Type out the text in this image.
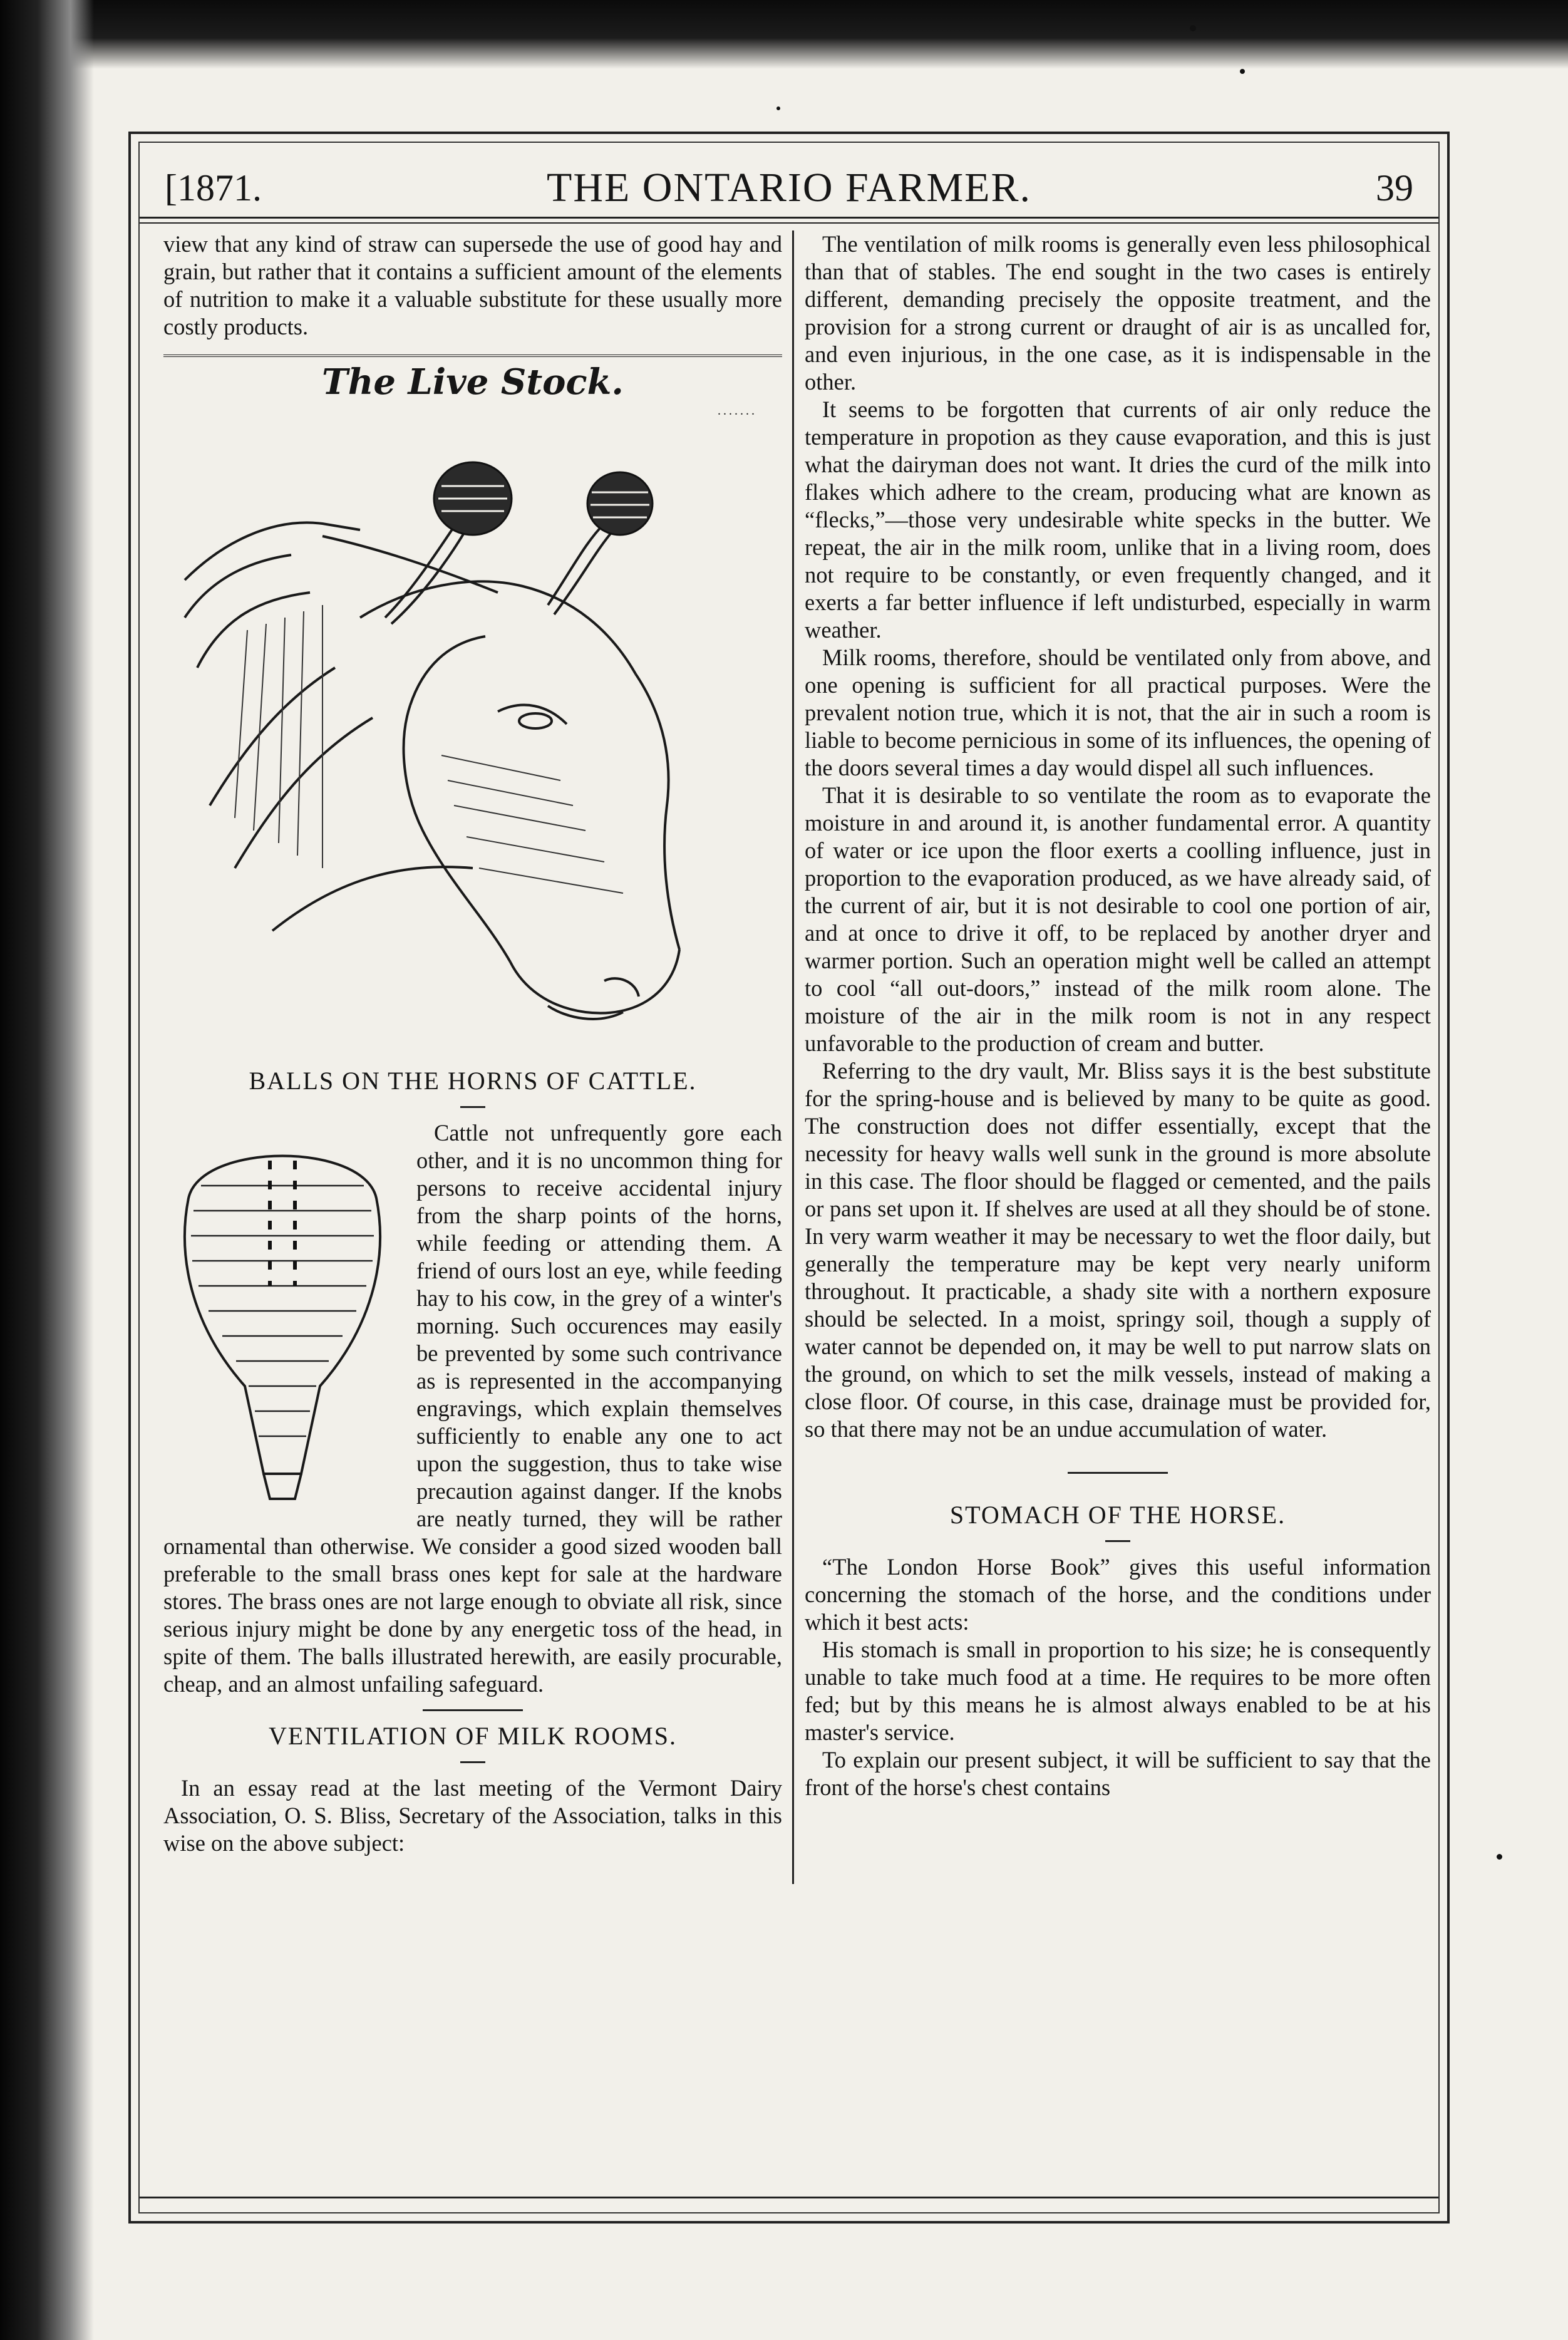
[1871.	THE ONTARIO FARMER.	39

view that any kind of straw can supersede the use of good hay and grain, but rather that it contains a sufficient amount of the elements of nutrition to make it a valuable substitute for these usually more costly products.

The Live Stock.
.......
BALLS ON THE HORNS OF CATTLE.

Cattle not unfrequently gore each other, and it is no uncommon thing for persons to receive accidental injury from the sharp points of the horns, while feeding or attending them. A friend of ours lost an eye, while feeding hay to his cow, in the grey of a winter's morning. Such occurences may easily be prevented by some such contrivance as is represented in the accompanying engravings, which explain themselves sufficiently to enable any one to act upon the suggestion, thus to take wise precaution against danger. If the knobs are neatly turned, they will be rather ornamental than otherwise. We consider a good sized wooden ball preferable to the small brass ones kept for sale at the hardware stores. The brass ones are not large enough to obviate all risk, since serious injury might be done by any energetic toss of the head, in spite of them. The balls illustrated herewith, are easily procurable, cheap, and an almost unfailing safeguard.

VENTILATION OF MILK ROOMS.

In an essay read at the last meeting of the Vermont Dairy Association, O. S. Bliss, Secretary of the Association, talks in this wise on the above subject:

The ventilation of milk rooms is generally even less philosophical than that of stables. The end sought in the two cases is entirely different, demanding precisely the opposite treatment, and the provision for a strong current or draught of air is as uncalled for, and even injurious, in the one case, as it is indispensable in the other.

It seems to be forgotten that currents of air only reduce the temperature in propotion as they cause evaporation, and this is just what the dairyman does not want. It dries the curd of the milk into flakes which adhere to the cream, producing what are known as “flecks,”—those very undesirable white specks in the butter. We repeat, the air in the milk room, unlike that in a living room, does not require to be constantly, or even frequently changed, and it exerts a far better influence if left undisturbed, especially in warm weather.

Milk rooms, therefore, should be ventilated only from above, and one opening is sufficient for all practical purposes. Were the prevalent notion true, which it is not, that the air in such a room is liable to become pernicious in some of its influences, the opening of the doors several times a day would dispel all such influences.

That it is desirable to so ventilate the room as to evaporate the moisture in and around it, is another fundamental error. A quantity of water or ice upon the floor exerts a coolling influence, just in proportion to the evaporation produced, as we have already said, of the current of air, but it is not desirable to cool one portion of air, and at once to drive it off, to be replaced by another dryer and warmer portion. Such an operation might well be called an attempt to cool “all out-doors,” instead of the milk room alone. The moisture of the air in the milk room is not in any respect unfavorable to the production of cream and butter.

Referring to the dry vault, Mr. Bliss says it is the best substitute for the spring-house and is believed by many to be quite as good. The construction does not differ essentially, except that the necessity for heavy walls well sunk in the ground is more absolute in this case. The floor should be flagged or cemented, and the pails or pans set upon it. If shelves are used at all they should be of stone. In very warm weather it may be necessary to wet the floor daily, but generally the temperature may be kept very nearly uniform throughout. It practicable, a shady site with a northern exposure should be selected. In a moist, springy soil, though a supply of water cannot be depended on, it may be well to put narrow slats on the ground, on which to set the milk vessels, instead of making a close floor. Of course, in this case, drainage must be provided for, so that there may not be an undue accumulation of water.

STOMACH OF THE HORSE.

“The London Horse Book” gives this useful information concerning the stomach of the horse, and the conditions under which it best acts:

His stomach is small in proportion to his size; he is consequently unable to take much food at a time. He requires to be more often fed; but by this means he is almost always enabled to be at his master's service.

To explain our present subject, it will be sufficient to say that the front of the horse's chest contains
